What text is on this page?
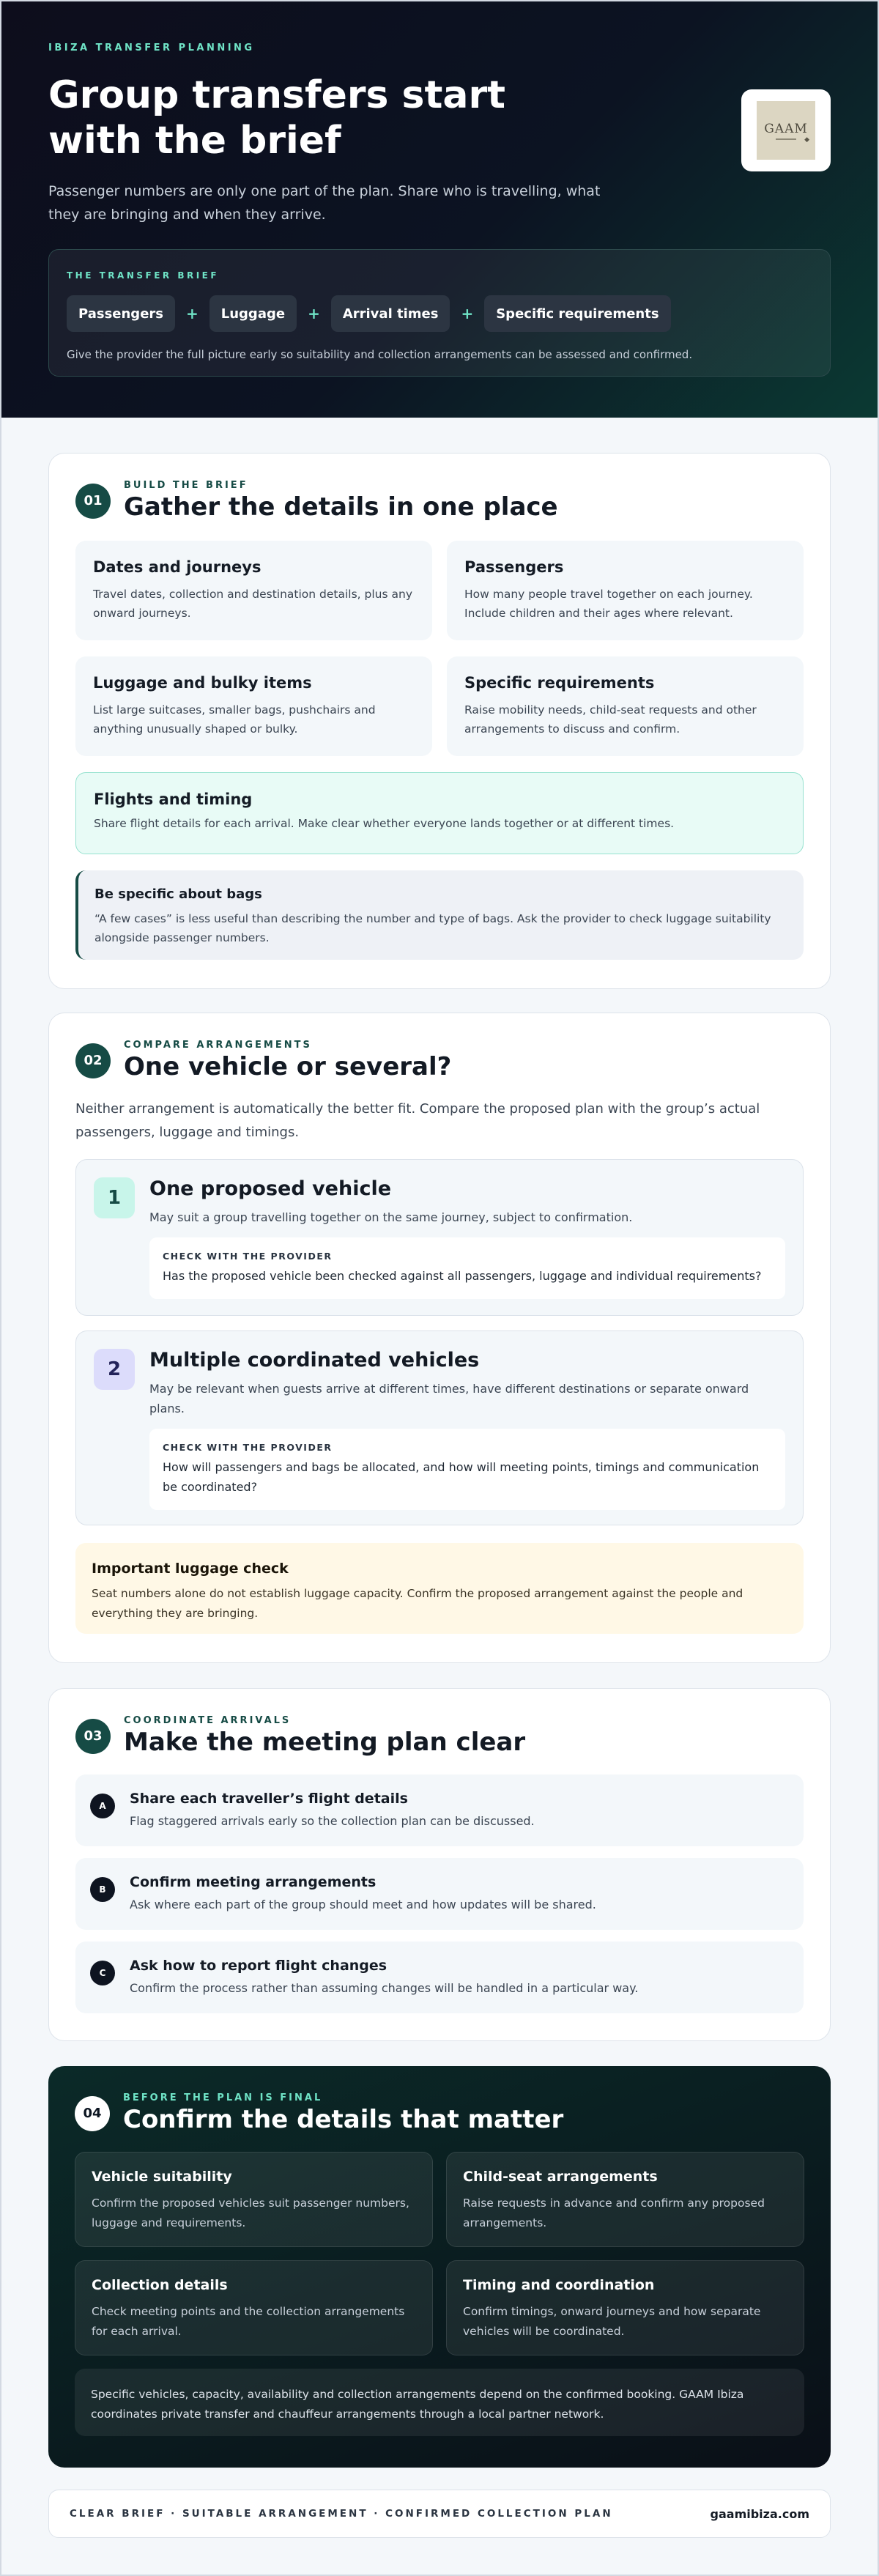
IBIZA TRANSFER PLANNING
Group transfers start with the brief

Passenger numbers are only one part of the plan. Share who is travelling, what they are bringing and when they arrive.

GAAM
◆
THE TRANSFER BRIEF
Passengers	+	Luggage	+	Arrival times	+	Specific requirements

Give the provider the full picture early so suitability and collection arrangements can be assessed and confirmed.

01
BUILD THE BRIEF
Gather the details in one place
Dates and journeys

Travel dates, collection and destination details, plus any onward journeys.

Passengers

How many people travel together on each journey. Include children and their ages where relevant.

Luggage and bulky items

List large suitcases, smaller bags, pushchairs and anything unusually shaped or bulky.

Specific requirements

Raise mobility needs, child-seat requests and other arrangements to discuss and confirm.

Flights and timing

Share flight details for each arrival. Make clear whether everyone lands together or at different times.

Be specific about bags

“A few cases” is less useful than describing the number and type of bags. Ask the provider to check luggage suitability alongside passenger numbers.

02
COMPARE ARRANGEMENTS
One vehicle or several?

Neither arrangement is automatically the better fit. Compare the proposed plan with the group’s actual passengers, luggage and timings.

1	One proposed vehicle

May suit a group travelling together on the same journey, subject to confirmation.

CHECK WITH THE PROVIDER
Has the proposed vehicle been checked against all passengers, luggage and individual requirements?
2	Multiple coordinated vehicles

May be relevant when guests arrive at different times, have different destinations or separate onward plans.

CHECK WITH THE PROVIDER
How will passengers and bags be allocated, and how will meeting points, timings and communication be coordinated?
Important luggage check

Seat numbers alone do not establish luggage capacity. Confirm the proposed arrangement against the people and everything they are bringing.

03
COORDINATE ARRIVALS
Make the meeting plan clear
A	Share each traveller’s flight details

Flag staggered arrivals early so the collection plan can be discussed.

B	Confirm meeting arrangements

Ask where each part of the group should meet and how updates will be shared.

C	Ask how to report flight changes

Confirm the process rather than assuming changes will be handled in a particular way.

04
BEFORE THE PLAN IS FINAL
Confirm the details that matter
Vehicle suitability

Confirm the proposed vehicles suit passenger numbers, luggage and requirements.

Child-seat arrangements

Raise requests in advance and confirm any proposed arrangements.

Collection details

Check meeting points and the collection arrangements for each arrival.

Timing and coordination

Confirm timings, onward journeys and how separate vehicles will be coordinated.

Specific vehicles, capacity, availability and collection arrangements depend on the confirmed booking. GAAM Ibiza coordinates private transfer and chauffeur arrangements through a local partner network.
CLEAR BRIEF · SUITABLE ARRANGEMENT · CONFIRMED COLLECTION PLAN	gaamibiza.com
